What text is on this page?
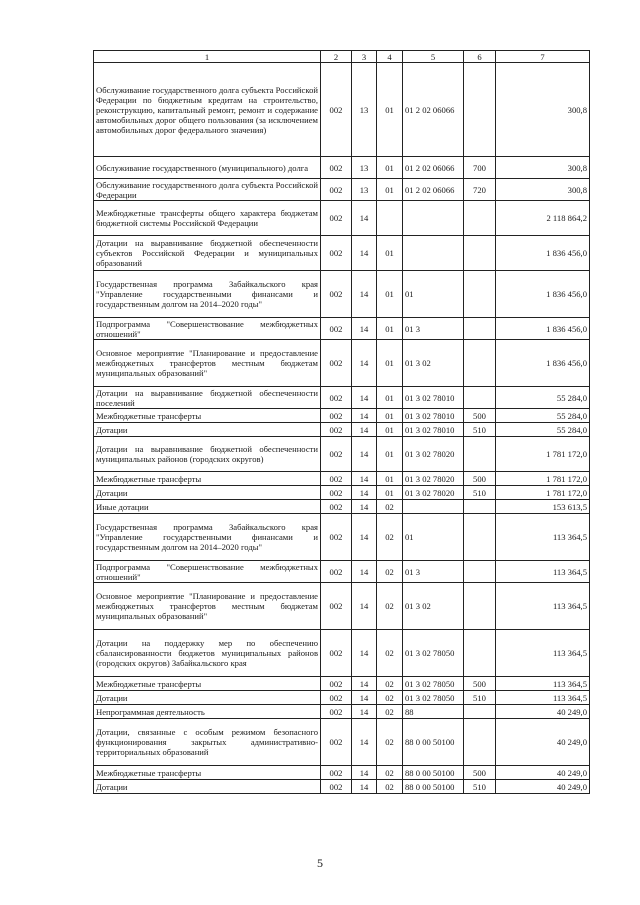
1	2	3	4	5	6	7
Обслуживание государственного долга субъекта Российской Федерации по бюджетным кредитам на строительство, реконструкцию, капитальный ремонт, ремонт и содержание автомобильных дорог общего пользования (за исключением автомобильных дорог федерального значения)	002	13	01	01 2 02 06066		300,8
Обслуживание государственного (муниципального) долга	002	13	01	01 2 02 06066	700	300,8
Обслуживание государственного долга субъекта Российской Федерации	002	13	01	01 2 02 06066	720	300,8
Межбюджетные трансферты общего характера бюджетам бюджетной системы Российской Федерации	002	14				2 118 864,2
Дотации на выравнивание бюджетной обеспеченности субъектов Российской Федерации и муниципальных образований	002	14	01			1 836 456,0
Государственная программа Забайкальского края "Управление государственными финансами и государственным долгом на 2014–2020 годы"	002	14	01	01		1 836 456,0
Подпрограмма "Совершенствование межбюджетных отношений"	002	14	01	01 3		1 836 456,0
Основное мероприятие "Планирование и предоставление межбюджетных трансфертов местным бюджетам муниципальных образований"	002	14	01	01 3 02		1 836 456,0
Дотации на выравнивание бюджетной обеспеченности поселений	002	14	01	01 3 02 78010		55 284,0
Межбюджетные трансферты	002	14	01	01 3 02 78010	500	55 284,0
Дотации	002	14	01	01 3 02 78010	510	55 284,0
Дотации на выравнивание бюджетной обеспеченности муниципальных районов (городских округов)	002	14	01	01 3 02 78020		1 781 172,0
Межбюджетные трансферты	002	14	01	01 3 02 78020	500	1 781 172,0
Дотации	002	14	01	01 3 02 78020	510	1 781 172,0
Иные дотации	002	14	02			153 613,5
Государственная программа Забайкальского края "Управление государственными финансами и государственным долгом на 2014–2020 годы"	002	14	02	01		113 364,5
Подпрограмма "Совершенствование межбюджетных отношений"	002	14	02	01 3		113 364,5
Основное мероприятие "Планирование и предоставление межбюджетных трансфертов местным бюджетам муниципальных образований"	002	14	02	01 3 02		113 364,5
Дотации на поддержку мер по обеспечению сбалансированности бюджетов муниципальных районов (городских округов) Забайкальского края	002	14	02	01 3 02 78050		113 364,5
Межбюджетные трансферты	002	14	02	01 3 02 78050	500	113 364,5
Дотации	002	14	02	01 3 02 78050	510	113 364,5
Непрограммная деятельность	002	14	02	88		40 249,0
Дотации, связанные с особым режимом безопасного функционирования закрытых административно-территориальных образований	002	14	02	88 0 00 50100		40 249,0
Межбюджетные трансферты	002	14	02	88 0 00 50100	500	40 249,0
Дотации	002	14	02	88 0 00 50100	510	40 249,0
5
